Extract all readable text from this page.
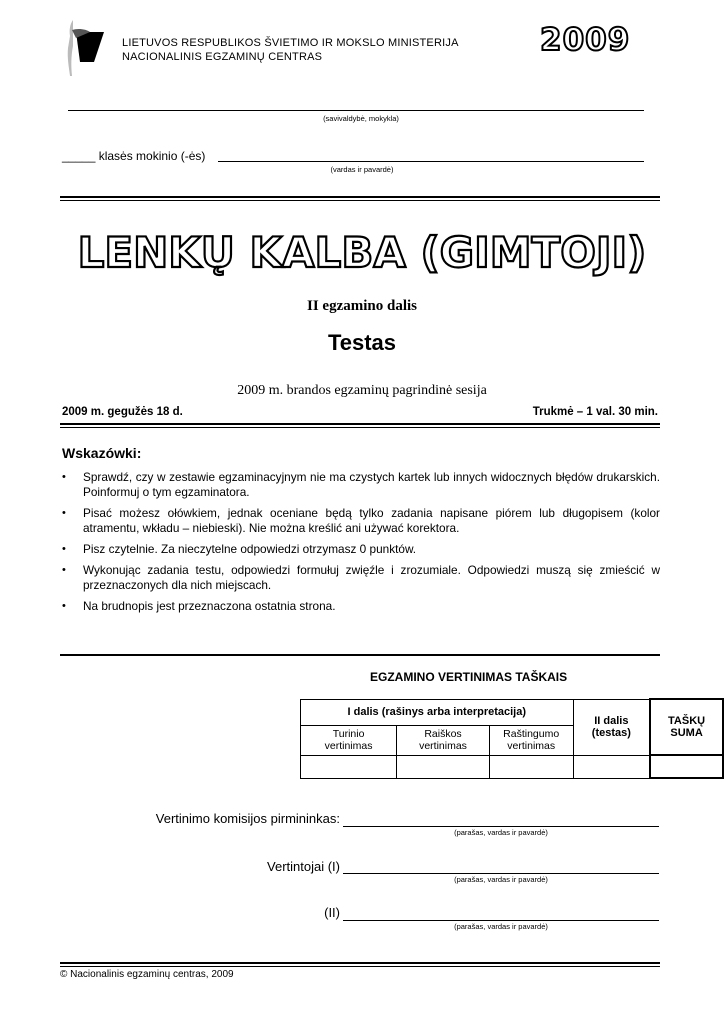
LIETUVOS RESPUBLIKOS ŠVIETIMO IR MOKSLO MINISTERIJA
NACIONALINIS EGZAMINŲ CENTRAS	2009
(savivaldybė, mokykla)
_____ klasės mokinio (-ės)
(vardas ir pavardė)
LENKŲ KALBA (GIMTOJI)
II egzamino dalis
Testas
2009 m. brandos egzaminų pagrindinė sesija
2009 m. gegužės 18 d.	Trukmė – 1 val. 30 min.
Wskazówki:
• Sprawdź, czy w zestawie egzaminacyjnym nie ma czystych kartek lub innych widocznych błędów drukarskich. Poinformuj o tym egzaminatora.
• Pisać możesz ołówkiem, jednak oceniane będą tylko zadania napisane piórem lub długopisem (kolor atramentu, wkładu – niebieski). Nie można kreślić ani używać korektora.
• Pisz czytelnie. Za nieczytelne odpowiedzi otrzymasz 0 punktów.
• Wykonując zadania testu, odpowiedzi formułuj zwięźle i zrozumiale. Odpowiedzi muszą się zmieścić w przeznaczonych dla nich miejscach.
• Na brudnopis jest przeznaczona ostatnia strona.
EGZAMINO VERTINIMAS TAŠKAIS
I dalis (rašinys arba interpretacija)			II dalis (testas)	TAŠKŲ SUMA
Turinio vertinimas	Raiškos vertinimas	Raštingumo vertinimas		

Vertinimo komisijos pirmininkas:
(parašas, vardas ir pavardė)
Vertintojai (I)
(parašas, vardas ir pavardė)
(II)
(parašas, vardas ir pavardė)
© Nacionalinis egzaminų centras, 2009
